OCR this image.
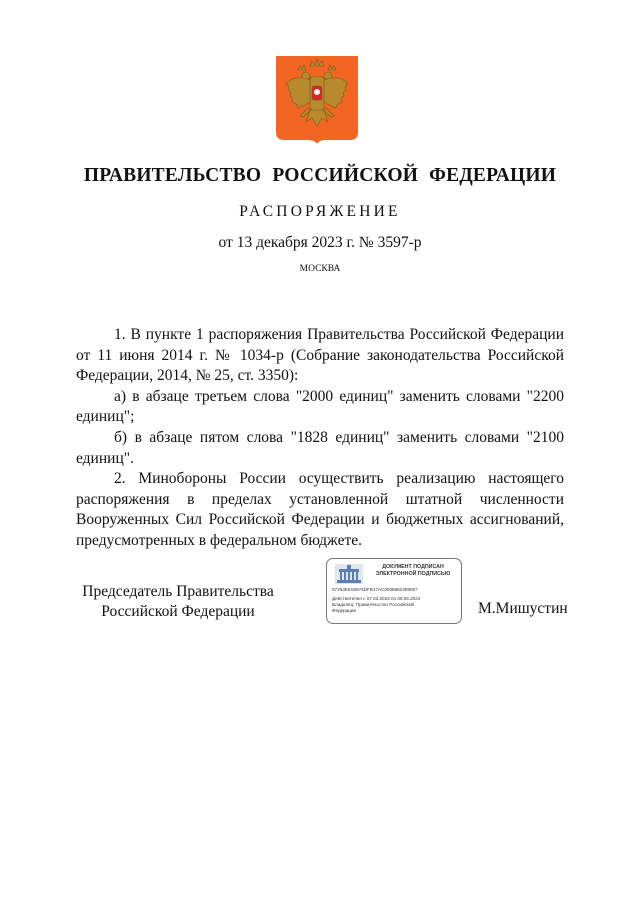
ПРАВИТЕЛЬСТВО РОССИЙСКОЙ ФЕДЕРАЦИИ
РАСПОРЯЖЕНИЕ
от 13 декабря 2023 г. № 3597-р
МОСКВА

1. В пункте 1 распоряжения Правительства Российской Федерации от 11 июня 2014 г. № 1034-р (Собрание законодательства Российской Федерации, 2014, № 25, ст. 3350):

а) в абзаце третьем слова "2000 единиц" заменить словами "2200 единиц";

б) в абзаце пятом слова "1828 единиц" заменить словами "2100 единиц".

2. Минобороны России осуществить реализацию настоящего распоряжения в пределах установленной штатной численности Вооруженных Сил Российской Федерации и бюджетных ассигнований, предусмотренных в федеральном бюджете.

Председатель Правительства
Российской Федерации
ДОКУМЕНТ ПОДПИСАН
ЭЛЕКТРОННОЙ ПОДПИСЬЮ
57253E0A6974DFB17AC000898235905?
Действителен с 07.03.2023 по 30.05.2024
Владелец: Правительство Российской
Федерации	М.Мишустин
